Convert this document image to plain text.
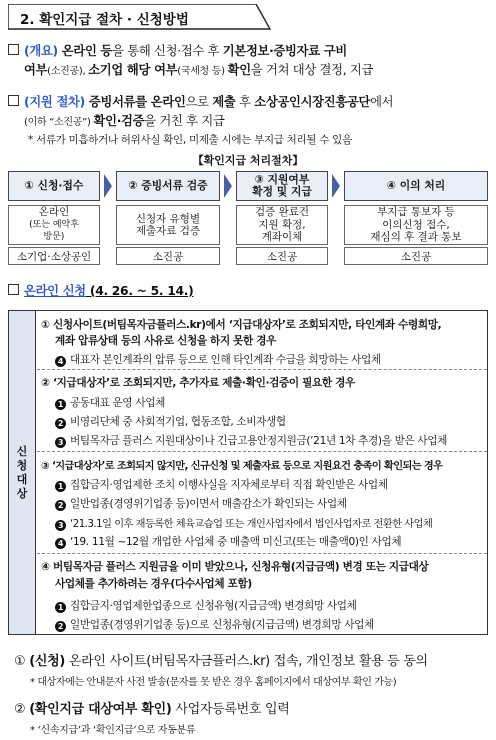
2. 확인지급 절차 · 신청방법
(개요) 온라인 등을 통해 신청·접수 후 기본정보·증빙자료 구비
여부(소진공), 소기업 해당 여부(국세청 등) 확인을 거쳐 대상 결정, 지급
(지원 절차) 증빙서류를 온라인으로 제출 후 소상공인시장진흥공단에서
(이하 “소진공”) 확인·검증을 거친 후 지급
* 서류가 미흡하거나 허위사실 확인, 미제출 시에는 부지급 처리될 수 있음
【확인지급 처리절차】
① 신청·접수
온라인
(또는 예약후
방문)
소기업·소상공인
② 증빙서류 검증
신청자 유형별
제출자료 검증
소진공
③ 지원여부
확정 및 지급
검증 완료건
지원 확정,
계좌이체
소진공
④ 이의 처리
부지급 통보자 등
이의신청 접수,
재심의 후 결과 통보
소진공
온라인 신청 (4. 26. ~ 5. 14.)
신
청
대
상
① 신청사이트(버팀목자금플러스.kr)에서 ‘지급대상자’로 조회되지만, 타인계좌 수령희망,
계좌 압류상태 등의 사유로 신청을 하지 못한 경우
4 대표자 본인계좌의 압류 등으로 인해 타인계좌 수급을 희망하는 사업체
② ‘지급대상자’로 조회되지만, 추가자료 제출·확인·검증이 필요한 경우
1 공동대표 운영 사업체
2 비영리단체 중 사회적기업, 협동조합, 소비자생협
3 버팀목자금 플러스 지원대상이나 긴급고용안정지원금(’21년 1차 추경)을 받은 사업체
③ ‘지급대상자’로 조회되지 않지만, 신규신청 및 제출자료 등으로 지원요건 충족이 확인되는 경우
1 집합금지·영업제한 조치 이행사실을 지자체로부터 직접 확인받은 사업체
2 일반업종(경영위기업종 등)이면서 매출감소가 확인되는 사업체
3 ‘21.3.1일 이후 재등록한 체육교습업 또는 개인사업자에서 법인사업자로 전환한 사업체
4 ‘19. 11월 ~12월 개업한 사업체 중 매출액 미신고(또는 매출액0)인 사업체
④ 버팀목자금 플러스 지원금을 이미 받았으나, 신청유형(지급금액) 변경 또는 지급대상
사업체를 추가하려는 경우(다수사업체 포함)
1 집합금지·영업제한업종으로 신청유형(지급금액) 변경희망 사업체
2 일반업종(경영위기업종 등)으로 신청유형(지급금액) 변경희망 사업체
① (신청) 온라인 사이트(버팀목자금플러스.kr) 접속, 개인정보 활용 등 동의
* 대상자에는 안내문자 사전 발송(문자를 못 받은 경우 홈페이지에서 대상여부 확인 가능)
② (확인지급 대상여부 확인) 사업자등록번호 입력
* ‘신속지급’과 ‘확인지급’으로 자동분류
